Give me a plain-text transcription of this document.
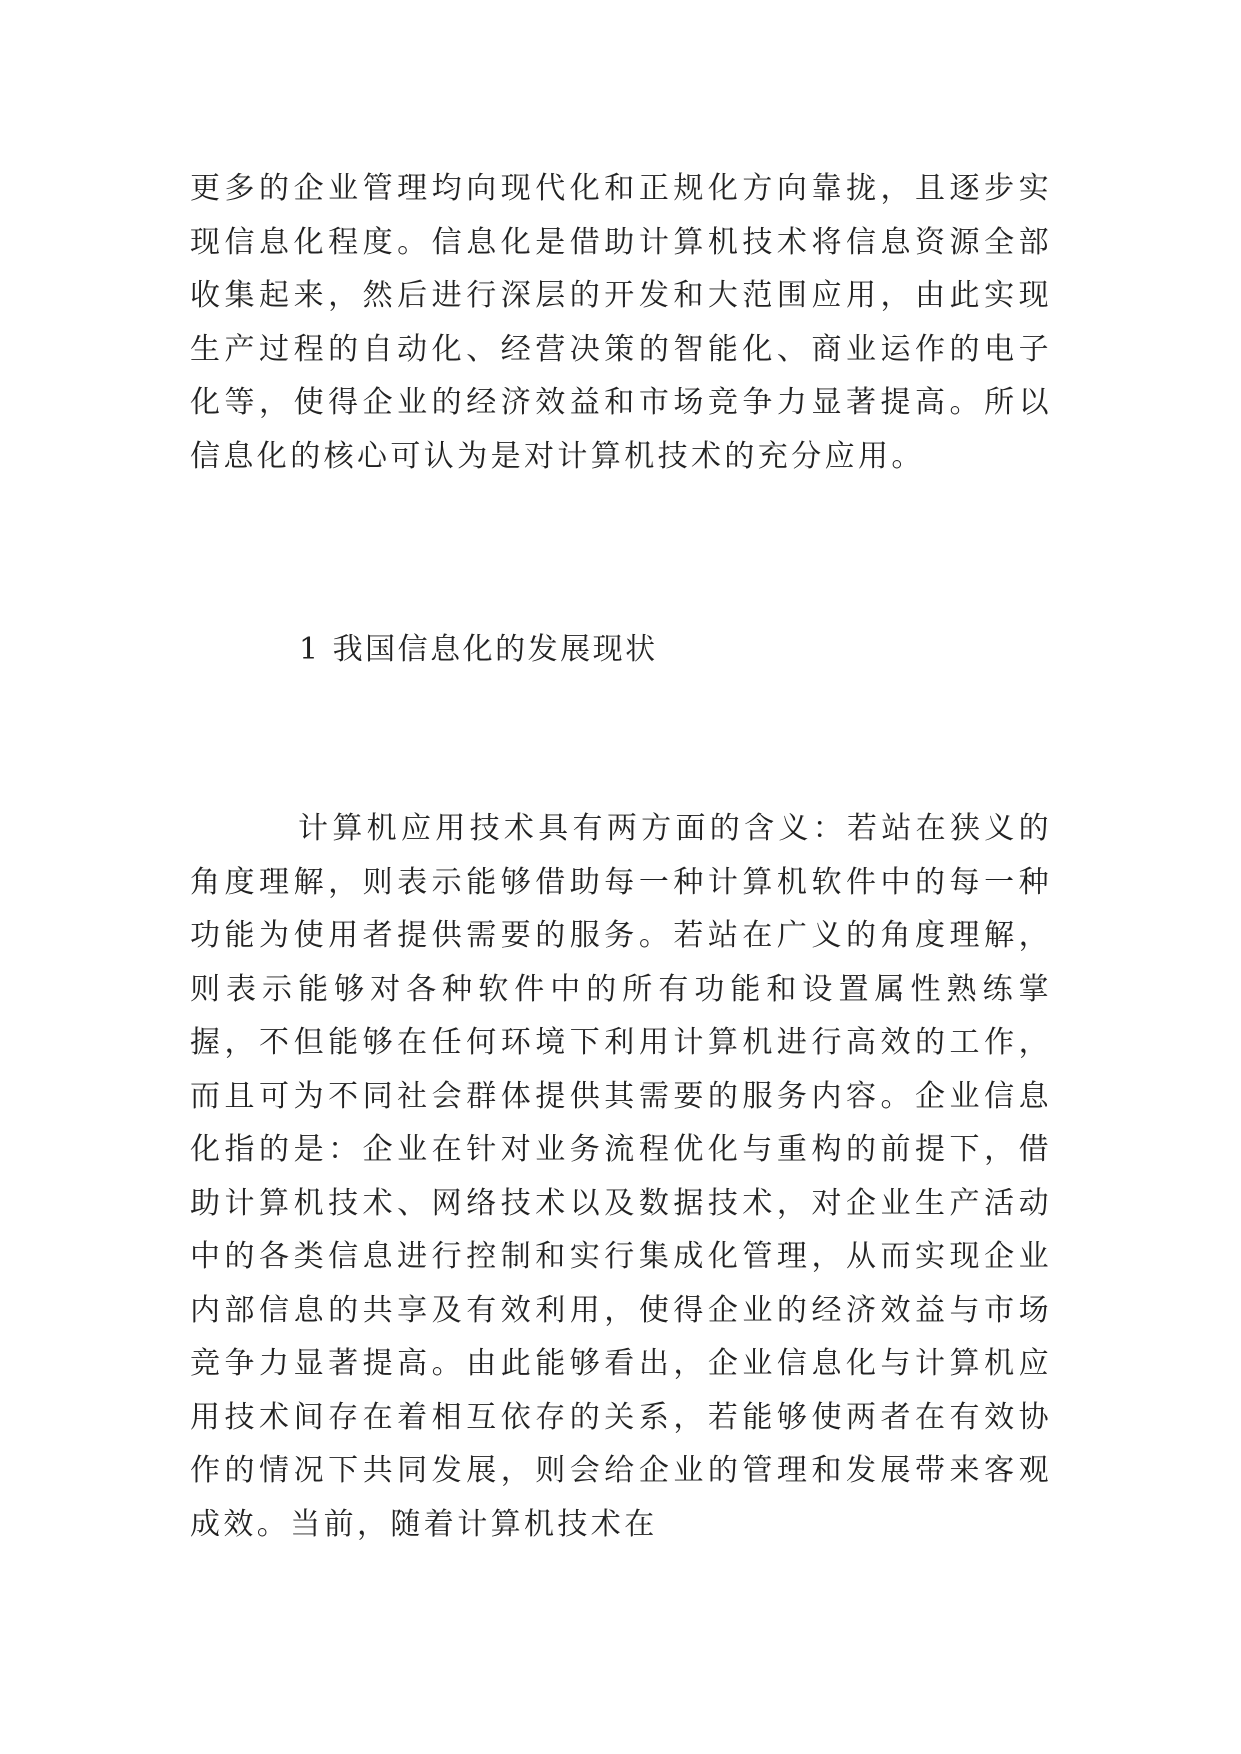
更多的企业管理均向现代化和正规化方向靠拢，且逐步实现信息化程度。信息化是借助计算机技术将信息资源全部收集起来，然后进行深层的开发和大范围应用，由此实现生产过程的自动化、经营决策的智能化、商业运作的电子化等，使得企业的经济效益和市场竞争力显著提高。所以信息化的核心可认为是对计算机技术的充分应用。

1 我国信息化的发展现状

计算机应用技术具有两方面的含义：若站在狭义的角度理解，则表示能够借助每一种计算机软件中的每一种功能为使用者提供需要的服务。若站在广义的角度理解，则表示能够对各种软件中的所有功能和设置属性熟练掌握，不但能够在任何环境下利用计算机进行高效的工作，而且可为不同社会群体提供其需要的服务内容。企业信息化指的是：企业在针对业务流程优化与重构的前提下，借助计算机技术、网络技术以及数据技术，对企业生产活动中的各类信息进行控制和实行集成化管理，从而实现企业内部信息的共享及有效利用，使得企业的经济效益与市场竞争力显著提高。由此能够看出，企业信息化与计算机应用技术间存在着相互依存的关系，若能够使两者在有效协作的情况下共同发展，则会给企业的管理和发展带来客观成效。当前，随着计算机技术在
